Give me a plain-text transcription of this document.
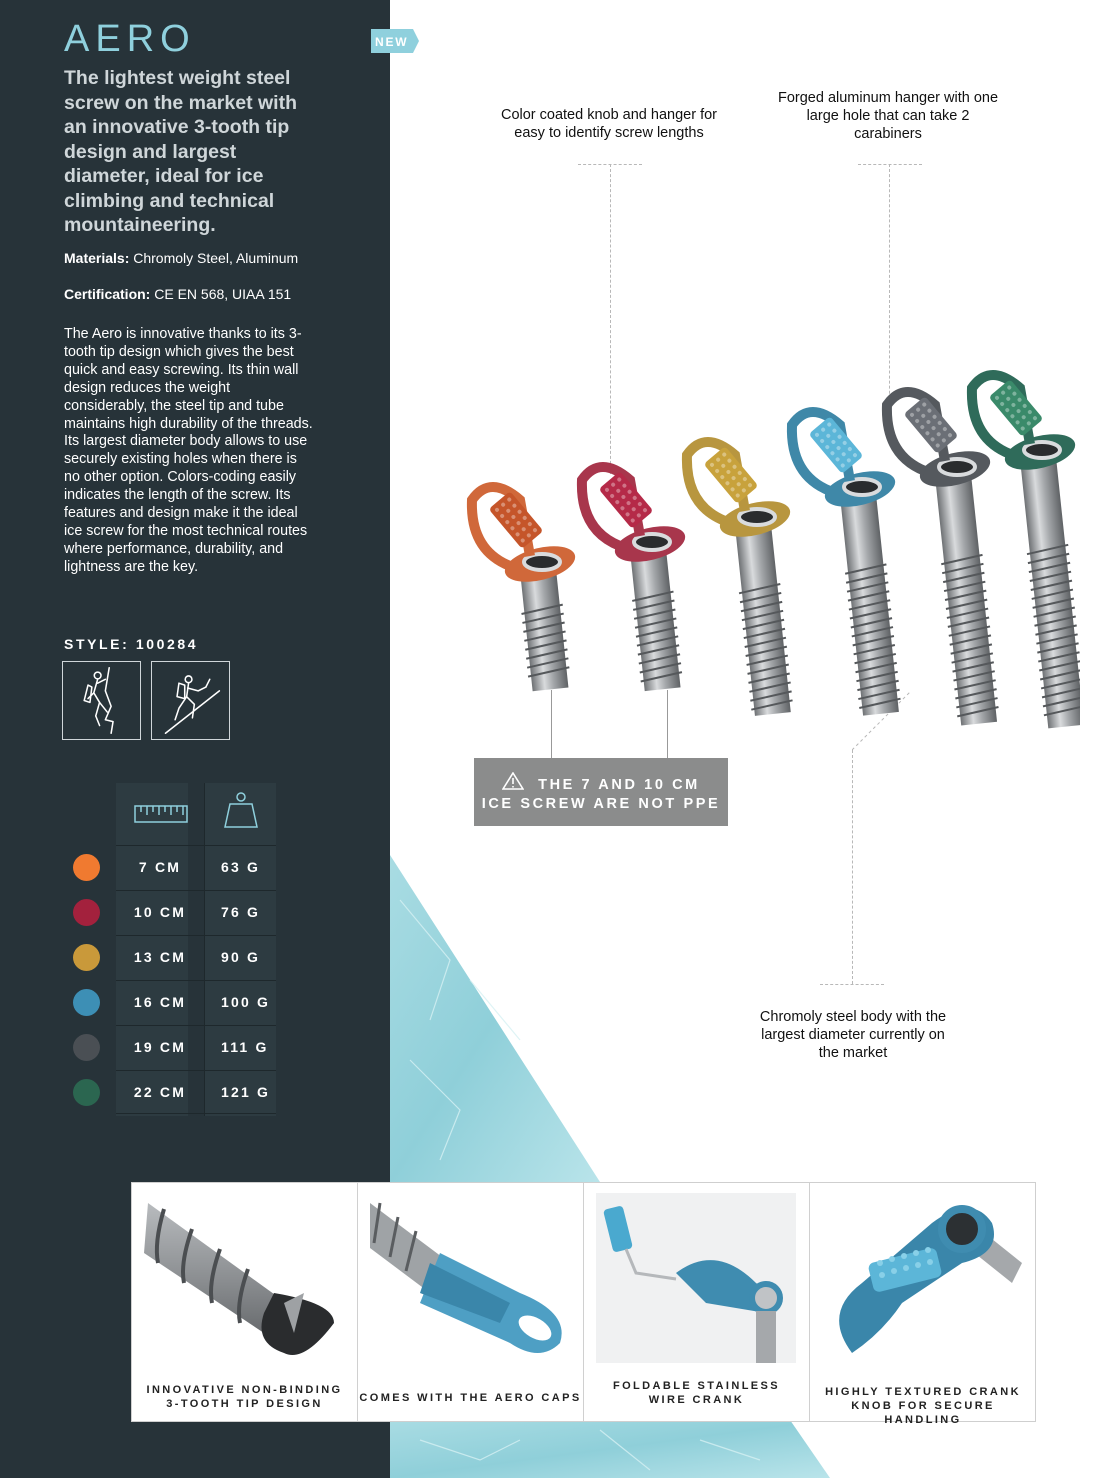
AERO
The lightest weight steel screw on the market with an innovative 3-tooth tip design and largest diameter, ideal for ice climbing and technical mountaineering.
Materials: Chromoly Steel, Aluminum
Certification: CE EN 568, UIAA 151
The Aero is innovative thanks to its 3-tooth tip design which gives the best quick and easy screwing. Its thin wall design reduces the weight considerably, the steel tip and tube maintains high durability of the threads. Its largest diameter body allows to use securely existing holes when there is no other option. Colors-coding easily indicates the length of the screw. Its features and design make it the ideal ice screw for the most technical routes where performance, durability, and lightness are the key.
STYLE: 100284
7 CM	63 G
10 CM	76 G
13 CM	90 G
16 CM	100 G
19 CM	111 G
22 CM	121 G
NEW
Color coated knob and hanger for easy to identify screw lengths
Forged aluminum hanger with one large hole that can take 2 carabiners
Chromoly steel body with the largest diameter currently on the market
THE 7 AND 10 CM
ICE SCREW ARE NOT PPE
INNOVATIVE NON-BINDING
3-TOOTH TIP DESIGN	COMES WITH THE AERO CAPS
FOLDABLE STAINLESS
WIRE CRANK
HIGHLY TEXTURED CRANK
KNOB FOR SECURE HANDLING
